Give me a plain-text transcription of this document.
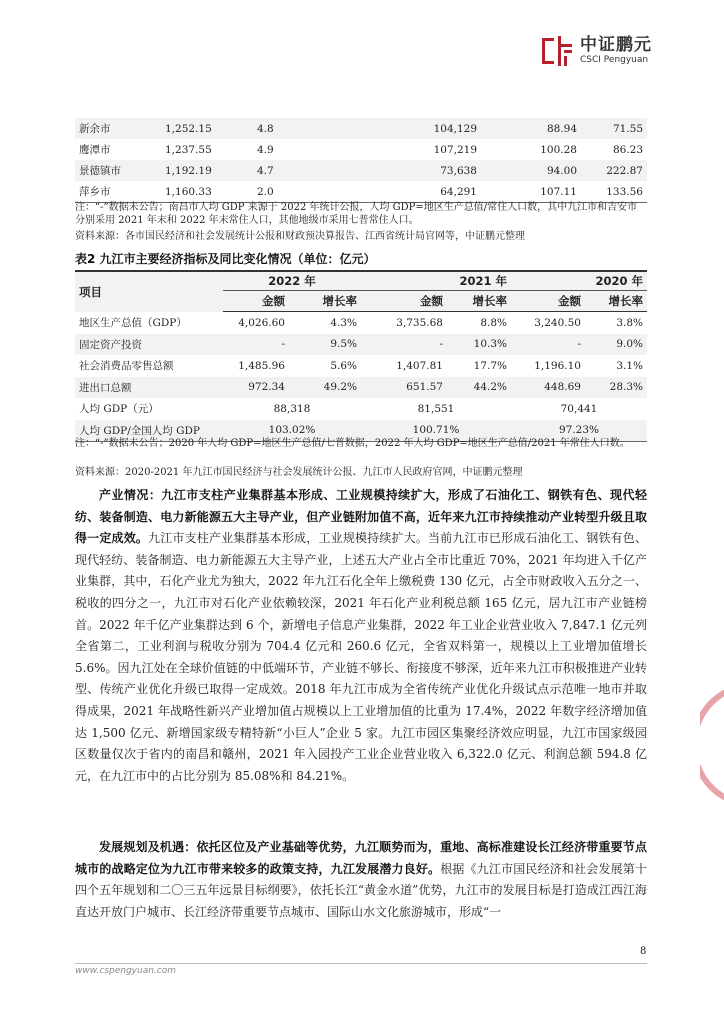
中证鹏元
CSCI Pengyuan
新余市	1,252.15	4.8	104,129	88.94	71.55
鹰潭市	1,237.55	4.9	107,219	100.28	86.23
景德镇市	1,192.19	4.7	73,638	94.00	222.87
萍乡市	1,160.33	2.0	64,291	107.11	133.56
注：“-”数据未公告；南昌市人均 GDP 来源于 2022 年统计公报，人均 GDP=地区生产总值/常住人口数，其中九江市和吉安市分别采用 2021 年末和 2022 年末常住人口，其他地级市采用七普常住人口。
资料来源：各市国民经济和社会发展统计公报和财政预决算报告、江西省统计局官网等，中证鹏元整理
表2 九江市主要经济指标及同比变化情况（单位：亿元）
项目	2022 年		2021 年		2020 年	
	金额	增长率	金额	增长率	金额	增长率
地区生产总值（GDP）	4,026.60	4.3%	3,735.68	8.8%	3,240.50	3.8%
固定资产投资	-	9.5%	-	10.3%	-	9.0%
社会消费品零售总额	1,485.96	5.6%	1,407.81	17.7%	1,196.10	3.1%
进出口总额	972.34	49.2%	651.57	44.2%	448.69	28.3%
人均 GDP（元）	88,318		81,551		70,441	
人均 GDP/全国人均 GDP	103.02%		100.71%		97.23%	
注：“-”数据未公告；2020 年人均 GDP=地区生产总值/七普数据，2022 年人均 GDP=地区生产总值/2021 年常住人口数。
资料来源：2020-2021 年九江市国民经济与社会发展统计公报、九江市人民政府官网，中证鹏元整理
产业情况：九江市支柱产业集群基本形成、工业规模持续扩大，形成了石油化工、钢铁有色、现代轻纺、装备制造、电力新能源五大主导产业，但产业链附加值不高，近年来九江市持续推动产业转型升级且取得一定成效。九江市支柱产业集群基本形成，工业规模持续扩大。当前九江市已形成石油化工、钢铁有色、现代轻纺、装备制造、电力新能源五大主导产业，上述五大产业占全市比重近 70%，2021 年均进入千亿产业集群，其中，石化产业尤为独大，2022 年九江石化全年上缴税费 130 亿元，占全市财政收入五分之一、税收的四分之一，九江市对石化产业依赖较深，2021 年石化产业利税总额 165 亿元，居九江市产业链榜首。2022 年千亿产业集群达到 6 个，新增电子信息产业集群，2022 年工业企业营业收入 7,847.1 亿元列全省第二，工业利润与税收分别为 704.4 亿元和 260.6 亿元，全省双料第一，规模以上工业增加值增长 5.6%。因九江处在全球价值链的中低端环节，产业链不够长、衔接度不够深，近年来九江市积极推进产业转型、传统产业优化升级已取得一定成效。2018 年九江市成为全省传统产业优化升级试点示范唯一地市并取得成果，2021 年战略性新兴产业增加值占规模以上工业增加值的比重为 17.4%，2022 年数字经济增加值达 1,500 亿元、新增国家级专精特新“小巨人”企业 5 家。九江市园区集聚经济效应明显，九江市国家级园区数量仅次于省内的南昌和赣州，2021 年入园投产工业企业营业收入 6,322.0 亿元、利润总额 594.8 亿元，在九江市中的占比分别为 85.08%和 84.21%。
发展规划及机遇：依托区位及产业基础等优势，九江顺势而为，重地、高标准建设长江经济带重要节点城市的战略定位为九江市带来较多的政策支持，九江发展潜力良好。根据《九江市国民经济和社会发展第十四个五年规划和二〇三五年远景目标纲要》，依托长江“黄金水道”优势，九江市的发展目标是打造成江西江海直达开放门户城市、长江经济带重要节点城市、国际山水文化旅游城市，形成“一
8
www.cspengyuan.com
